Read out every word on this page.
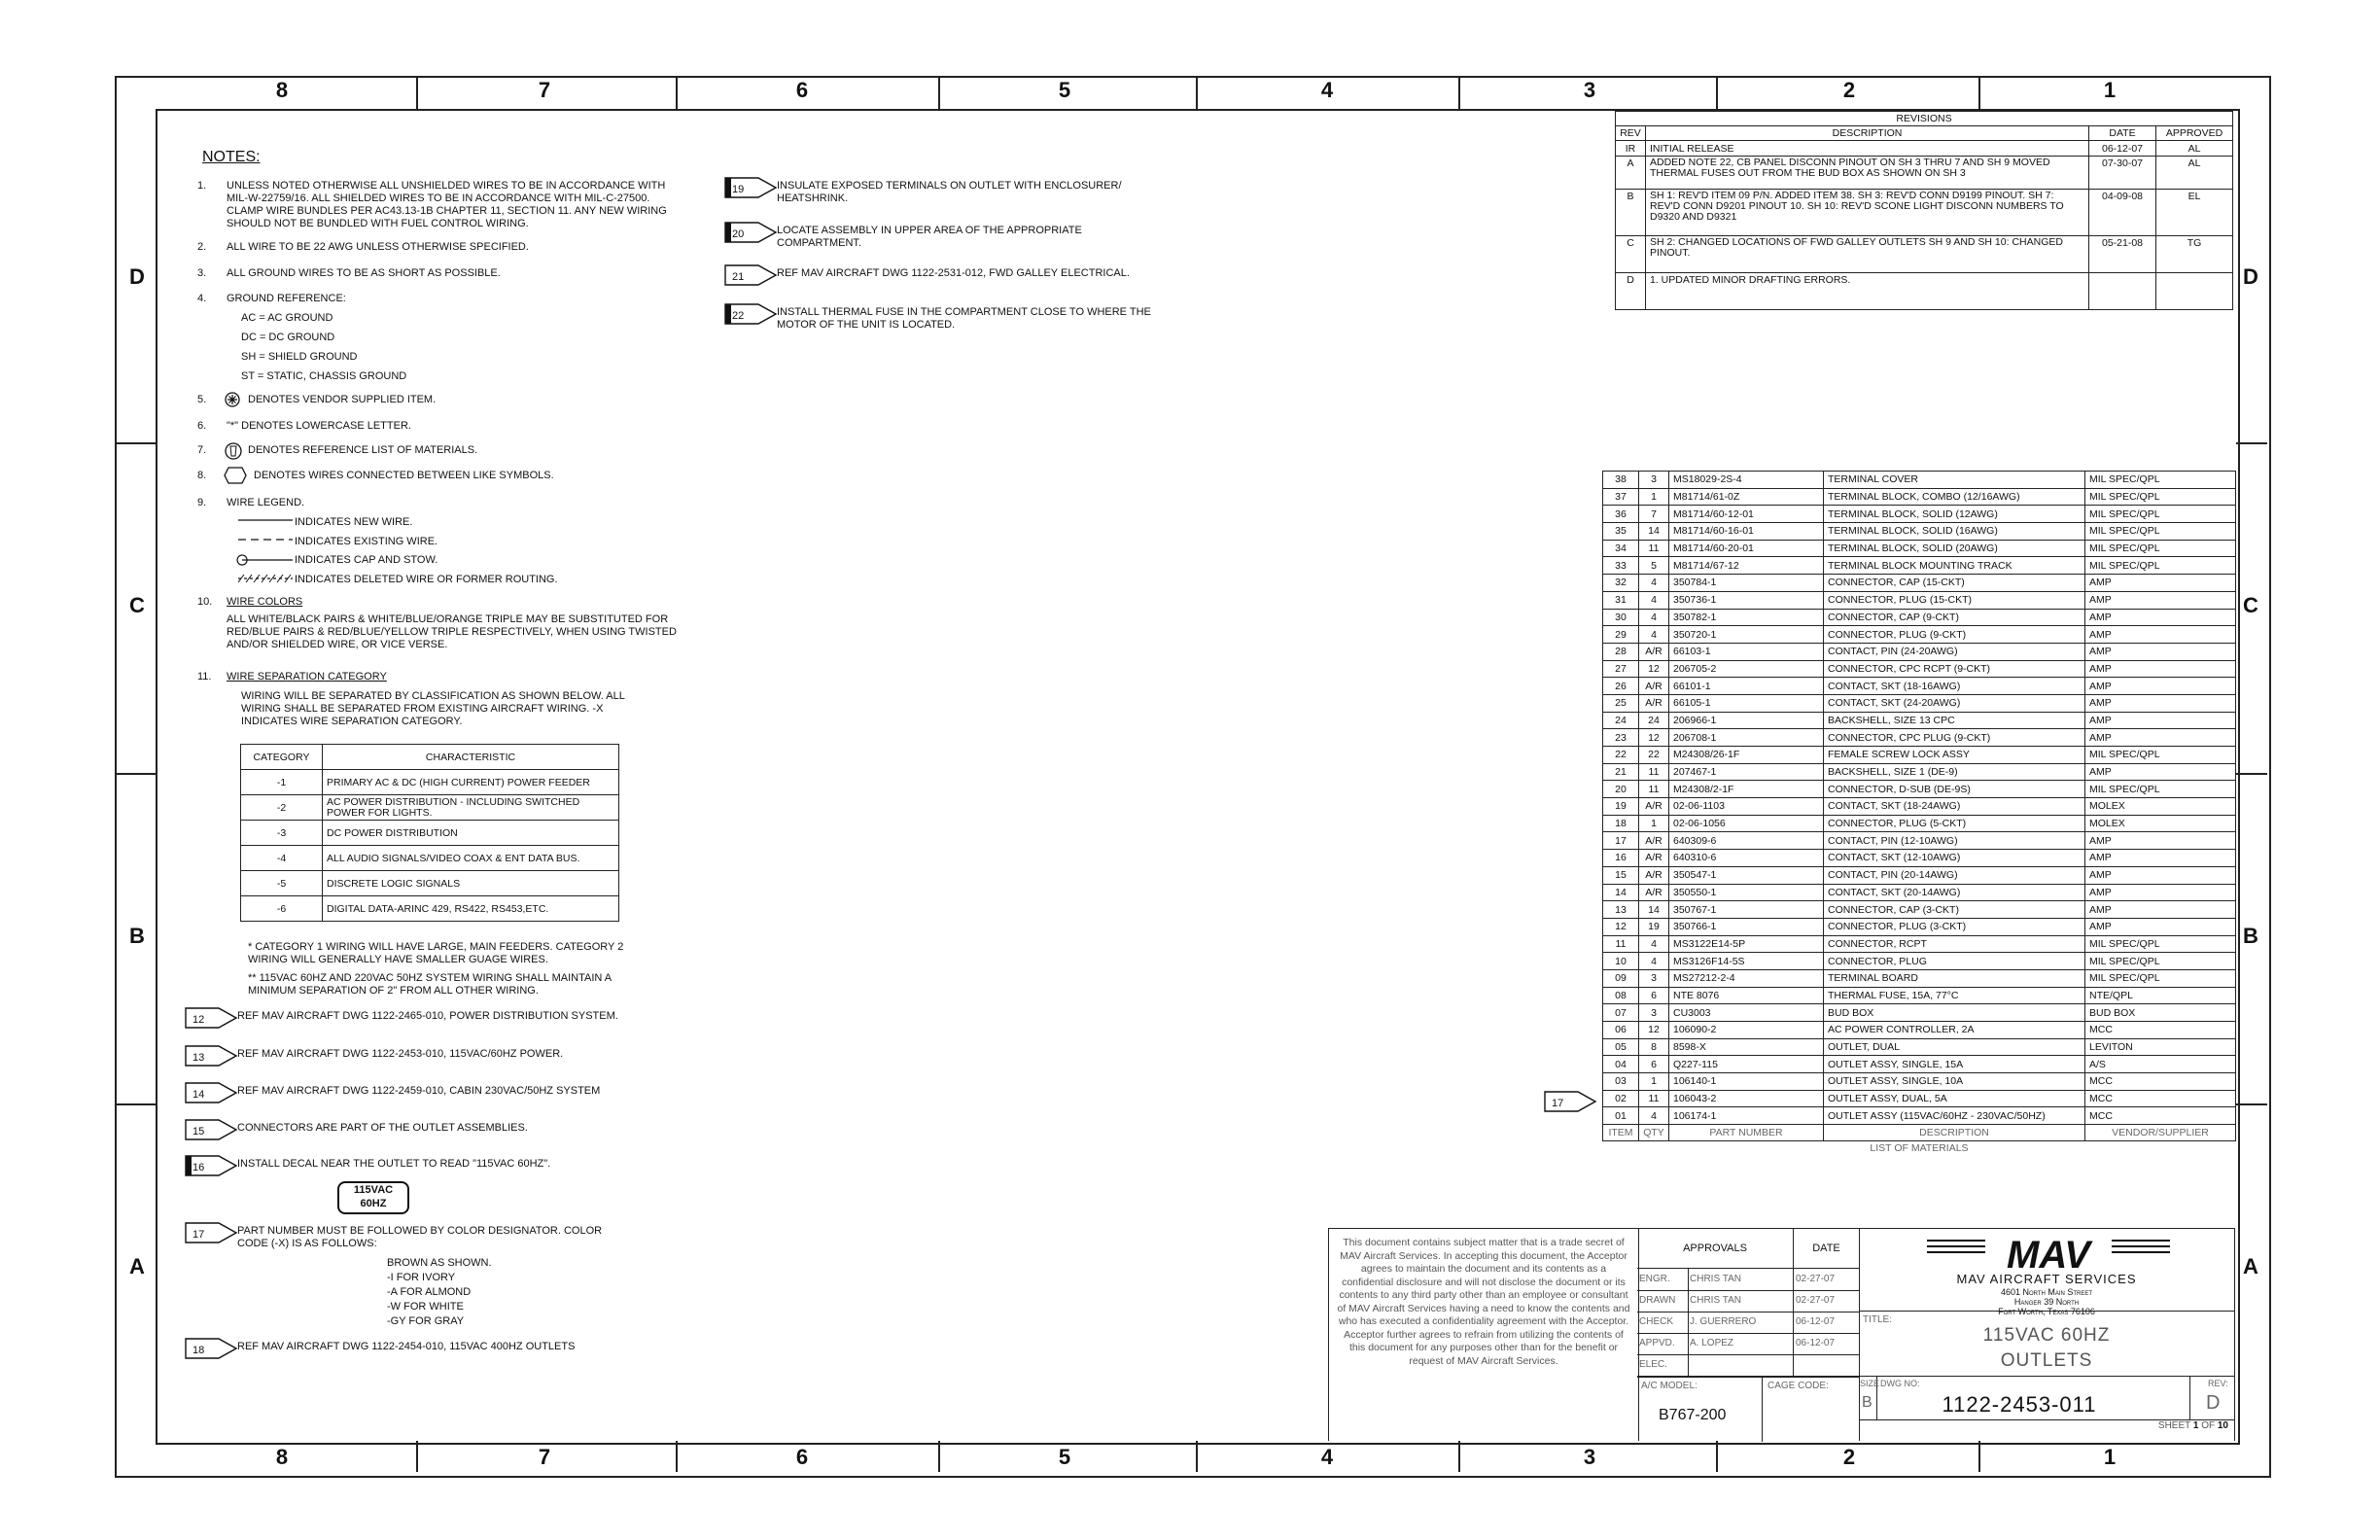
8	7	6	5	4	3	2	1
8	7	6	5	4	3	2	1
D
C
B
A
D
C
B
A
NOTES:
1.	UNLESS NOTED OTHERWISE ALL UNSHIELDED WIRES TO BE IN ACCORDANCE WITH MIL-W-22759/16. ALL SHIELDED WIRES TO BE IN ACCORDANCE WITH MIL-C-27500. CLAMP WIRE BUNDLES PER AC43.13-1B CHAPTER 11, SECTION 11. ANY NEW WIRING SHOULD NOT BE BUNDLED WITH FUEL CONTROL WIRING.
2.	ALL WIRE TO BE 22 AWG UNLESS OTHERWISE SPECIFIED.
3.	ALL GROUND WIRES TO BE AS SHORT AS POSSIBLE.
4.	GROUND REFERENCE:
AC = AC GROUND
DC = DC GROUND
SH = SHIELD GROUND
ST = STATIC, CHASSIS GROUND
5.	DENOTES VENDOR SUPPLIED ITEM.
6.	"*" DENOTES LOWERCASE LETTER.
7.	DENOTES REFERENCE LIST OF MATERIALS.
8.	DENOTES WIRES CONNECTED BETWEEN LIKE SYMBOLS.
9.	WIRE LEGEND.
INDICATES NEW WIRE.
INDICATES EXISTING WIRE.
INDICATES CAP AND STOW.
INDICATES DELETED WIRE OR FORMER ROUTING.
10.	WIRE COLORS
ALL WHITE/BLACK PAIRS & WHITE/BLUE/ORANGE TRIPLE MAY BE SUBSTITUTED FOR RED/BLUE PAIRS & RED/BLUE/YELLOW TRIPLE RESPECTIVELY, WHEN USING TWISTED AND/OR SHIELDED WIRE, OR VICE VERSE.
11.	WIRE SEPARATION CATEGORY
WIRING WILL BE SEPARATED BY CLASSIFICATION AS SHOWN BELOW. ALL WIRING SHALL BE SEPARATED FROM EXISTING AIRCRAFT WIRING. -X INDICATES WIRE SEPARATION CATEGORY.
CATEGORY	CHARACTERISTIC
-1	PRIMARY AC & DC (HIGH CURRENT) POWER FEEDER
-2	AC POWER DISTRIBUTION - INCLUDING SWITCHED POWER FOR LIGHTS.
-3	DC POWER DISTRIBUTION
-4	ALL AUDIO SIGNALS/VIDEO COAX & ENT DATA BUS.
-5	DISCRETE LOGIC SIGNALS
-6	DIGITAL DATA-ARINC 429, RS422, RS453,ETC.
* CATEGORY 1 WIRING WILL HAVE LARGE, MAIN FEEDERS. CATEGORY 2 WIRING WILL GENERALLY HAVE SMALLER GUAGE WIRES.
** 115VAC 60HZ AND 220VAC 50HZ SYSTEM WIRING SHALL MAINTAIN A MINIMUM SEPARATION OF 2" FROM ALL OTHER WIRING.
12	REF MAV AIRCRAFT DWG 1122-2465-010, POWER DISTRIBUTION SYSTEM.
13	REF MAV AIRCRAFT DWG 1122-2453-010, 115VAC/60HZ POWER.
14	REF MAV AIRCRAFT DWG 1122-2459-010, CABIN 230VAC/50HZ SYSTEM
15	CONNECTORS ARE PART OF THE OUTLET ASSEMBLIES.
16	INSTALL DECAL NEAR THE OUTLET TO READ "115VAC 60HZ".
115VAC
60HZ
17	PART NUMBER MUST BE FOLLOWED BY COLOR DESIGNATOR. COLOR CODE (-X) IS AS FOLLOWS:
BROWN AS SHOWN.
-I FOR IVORY
-A FOR ALMOND
-W FOR WHITE
-GY FOR GRAY
18	REF MAV AIRCRAFT DWG 1122-2454-010, 115VAC 400HZ OUTLETS
19	INSULATE EXPOSED TERMINALS ON OUTLET WITH ENCLOSURER/ HEATSHRINK.
20	LOCATE ASSEMBLY IN UPPER AREA OF THE APPROPRIATE COMPARTMENT.
21	REF MAV AIRCRAFT DWG 1122-2531-012, FWD GALLEY ELECTRICAL.
22	INSTALL THERMAL FUSE IN THE COMPARTMENT CLOSE TO WHERE THE MOTOR OF THE UNIT IS LOCATED.
REVISIONS			
REV	DESCRIPTION	DATE	APPROVED
IR	INITIAL RELEASE	06-12-07	AL
A	ADDED NOTE 22, CB PANEL DISCONN PINOUT ON SH 3 THRU 7 AND SH 9 MOVED THERMAL FUSES OUT FROM THE BUD BOX AS SHOWN ON SH 3	07-30-07	AL
B	SH 1: REV'D ITEM 09 P/N. ADDED ITEM 38. SH 3: REV'D CONN D9199 PINOUT. SH 7: REV'D CONN D9201 PINOUT 10. SH 10: REV'D SCONE LIGHT DISCONN NUMBERS TO D9320 AND D9321	04-09-08	EL
C	SH 2: CHANGED LOCATIONS OF FWD GALLEY OUTLETS SH 9 AND SH 10: CHANGED PINOUT.	05-21-08	TG
D	1. UPDATED MINOR DRAFTING ERRORS.		
38	3	MS18029-2S-4	TERMINAL COVER	MIL SPEC/QPL
37	1	M81714/61-0Z	TERMINAL BLOCK, COMBO (12/16AWG)	MIL SPEC/QPL
36	7	M81714/60-12-01	TERMINAL BLOCK, SOLID (12AWG)	MIL SPEC/QPL
35	14	M81714/60-16-01	TERMINAL BLOCK, SOLID (16AWG)	MIL SPEC/QPL
34	11	M81714/60-20-01	TERMINAL BLOCK, SOLID (20AWG)	MIL SPEC/QPL
33	5	M81714/67-12	TERMINAL BLOCK MOUNTING TRACK	MIL SPEC/QPL
32	4	350784-1	CONNECTOR, CAP (15-CKT)	AMP
31	4	350736-1	CONNECTOR, PLUG (15-CKT)	AMP
30	4	350782-1	CONNECTOR, CAP (9-CKT)	AMP
29	4	350720-1	CONNECTOR, PLUG (9-CKT)	AMP
28	A/R	66103-1	CONTACT, PIN (24-20AWG)	AMP
27	12	206705-2	CONNECTOR, CPC RCPT (9-CKT)	AMP
26	A/R	66101-1	CONTACT, SKT (18-16AWG)	AMP
25	A/R	66105-1	CONTACT, SKT (24-20AWG)	AMP
24	24	206966-1	BACKSHELL, SIZE 13 CPC	AMP
23	12	206708-1	CONNECTOR, CPC PLUG (9-CKT)	AMP
22	22	M24308/26-1F	FEMALE SCREW LOCK ASSY	MIL SPEC/QPL
21	11	207467-1	BACKSHELL, SIZE 1 (DE-9)	AMP
20	11	M24308/2-1F	CONNECTOR, D-SUB (DE-9S)	MIL SPEC/QPL
19	A/R	02-06-1103	CONTACT, SKT (18-24AWG)	MOLEX
18	1	02-06-1056	CONNECTOR, PLUG (5-CKT)	MOLEX
17	A/R	640309-6	CONTACT, PIN (12-10AWG)	AMP
16	A/R	640310-6	CONTACT, SKT (12-10AWG)	AMP
15	A/R	350547-1	CONTACT, PIN (20-14AWG)	AMP
14	A/R	350550-1	CONTACT, SKT (20-14AWG)	AMP
13	14	350767-1	CONNECTOR, CAP (3-CKT)	AMP
12	19	350766-1	CONNECTOR, PLUG (3-CKT)	AMP
11	4	MS3122E14-5P	CONNECTOR, RCPT	MIL SPEC/QPL
10	4	MS3126F14-5S	CONNECTOR, PLUG	MIL SPEC/QPL
09	3	MS27212-2-4	TERMINAL BOARD	MIL SPEC/QPL
08	6	NTE 8076	THERMAL FUSE, 15A, 77°C	NTE/QPL
07	3	CU3003	BUD BOX	BUD BOX
06	12	106090-2	AC POWER CONTROLLER, 2A	MCC
05	8	8598-X	OUTLET, DUAL	LEVITON
04	6	Q227-115	OUTLET ASSY, SINGLE, 15A	A/S
03	1	106140-1	OUTLET ASSY, SINGLE, 10A	MCC
02	11	106043-2	OUTLET ASSY, DUAL, 5A	MCC
01	4	106174-1	OUTLET ASSY (115VAC/60HZ - 230VAC/50HZ)	MCC
ITEM	QTY	PART NUMBER	DESCRIPTION	VENDOR/SUPPLIER
LIST OF MATERIALS				
17
This document contains subject matter that is a trade secret of MAV Aircraft Services. In accepting this document, the Acceptor agrees to maintain the document and its contents as a confidential disclosure and will not disclose the document or its contents to any third party other than an employee or consultant of MAV Aircraft Services having a need to know the contents and who has executed a confidentiality agreement with the Acceptor. Acceptor further agrees to refrain from utilizing the contents of this document for any purposes other than for the benefit or request of MAV Aircraft Services.
APPROVALS	DATE
ENGR.	CHRIS TAN	02-27-07
DRAWN	CHRIS TAN	02-27-07
CHECK	J. GUERRERO	06-12-07
APPVD.	A. LOPEZ	06-12-07
ELEC.
A/C MODEL:
B767-200
CAGE CODE:
MAV
MAV AIRCRAFT SERVICES
4601 North Main Street
Hanger 39 North
Fort Worth, Texas 76106
TITLE:
115VAC 60HZ
OUTLETS
SIZE
B
DWG NO:
1122-2453-011
REV:
D
SHEET 1 OF 10
